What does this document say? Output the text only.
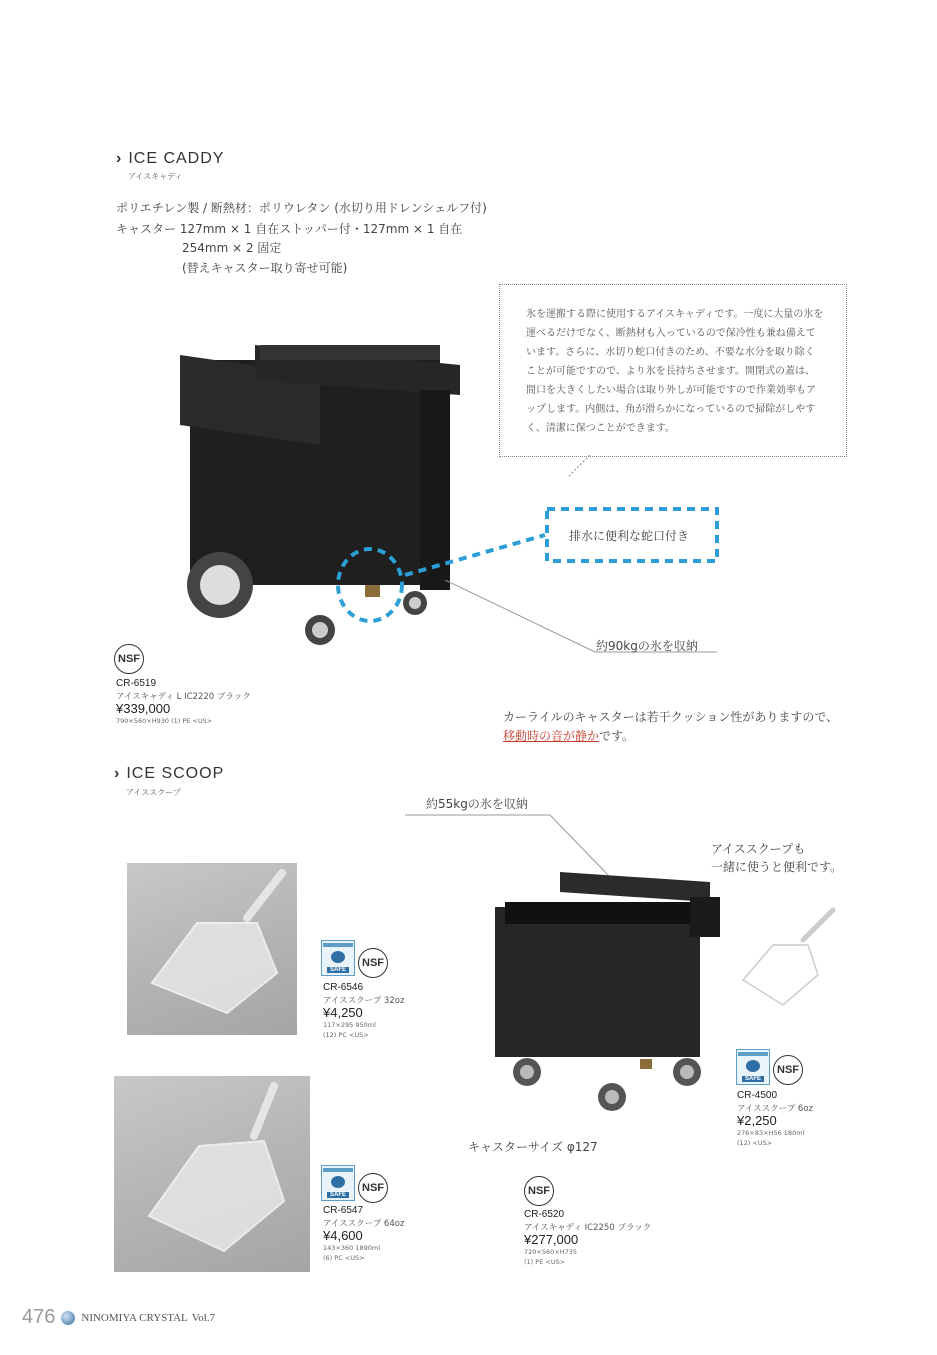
› ICE CADDY
アイスキャディ
ポリエチレン製 / 断熱材：ポリウレタン (水切り用ドレンシェルフ付)
キャスター 127mm × 1 自在ストッパー付・127mm × 1 自在
254mm × 2 固定
(替えキャスター取り寄せ可能)
氷を運搬する際に使用するアイスキャディです。一度に大量の氷を運べるだけでなく、断熱材も入っているので保冷性も兼ね備えています。さらに、水切り蛇口付きのため、不要な水分を取り除くことが可能ですので、より氷を長持ちさせます。開閉式の蓋は、間口を大きくしたい場合は取り外しが可能ですので作業効率もアップします。内側は、角が滑らかになっているので掃除がしやすく、清潔に保つことができます。
排水に便利な蛇口付き
約90kgの氷を収納
NSF
CR-6519
アイスキャディ L IC2220 ブラック
¥339,000
790×560×H930 (1) PE <US>	カーライルのキャスターは若干クッション性がありますので、
移動時の音が静かです。
› ICE SCOOP
アイススクープ
約55kgの氷を収納
アイススクープも
一緒に使うと便利です。
SAFE
NSF
CR-6546
アイススクープ 32oz
¥4,250
117×295 950ml
(12) PC <US>
SAFE
NSF
CR-6547
アイススクープ 64oz
¥4,600
143×360 1890ml
(6) PC <US>
SAFE
NSF
CR-4500
アイススクープ 6oz
¥2,250
276×83×H56 180ml
(12) <US>
キャスターサイズ φ127
NSF
CR-6520
アイスキャディ IC2250 ブラック
¥277,000
720×560×H735
(1) PE <US>
476 NINOMIYA CRYSTAL Vol.7
